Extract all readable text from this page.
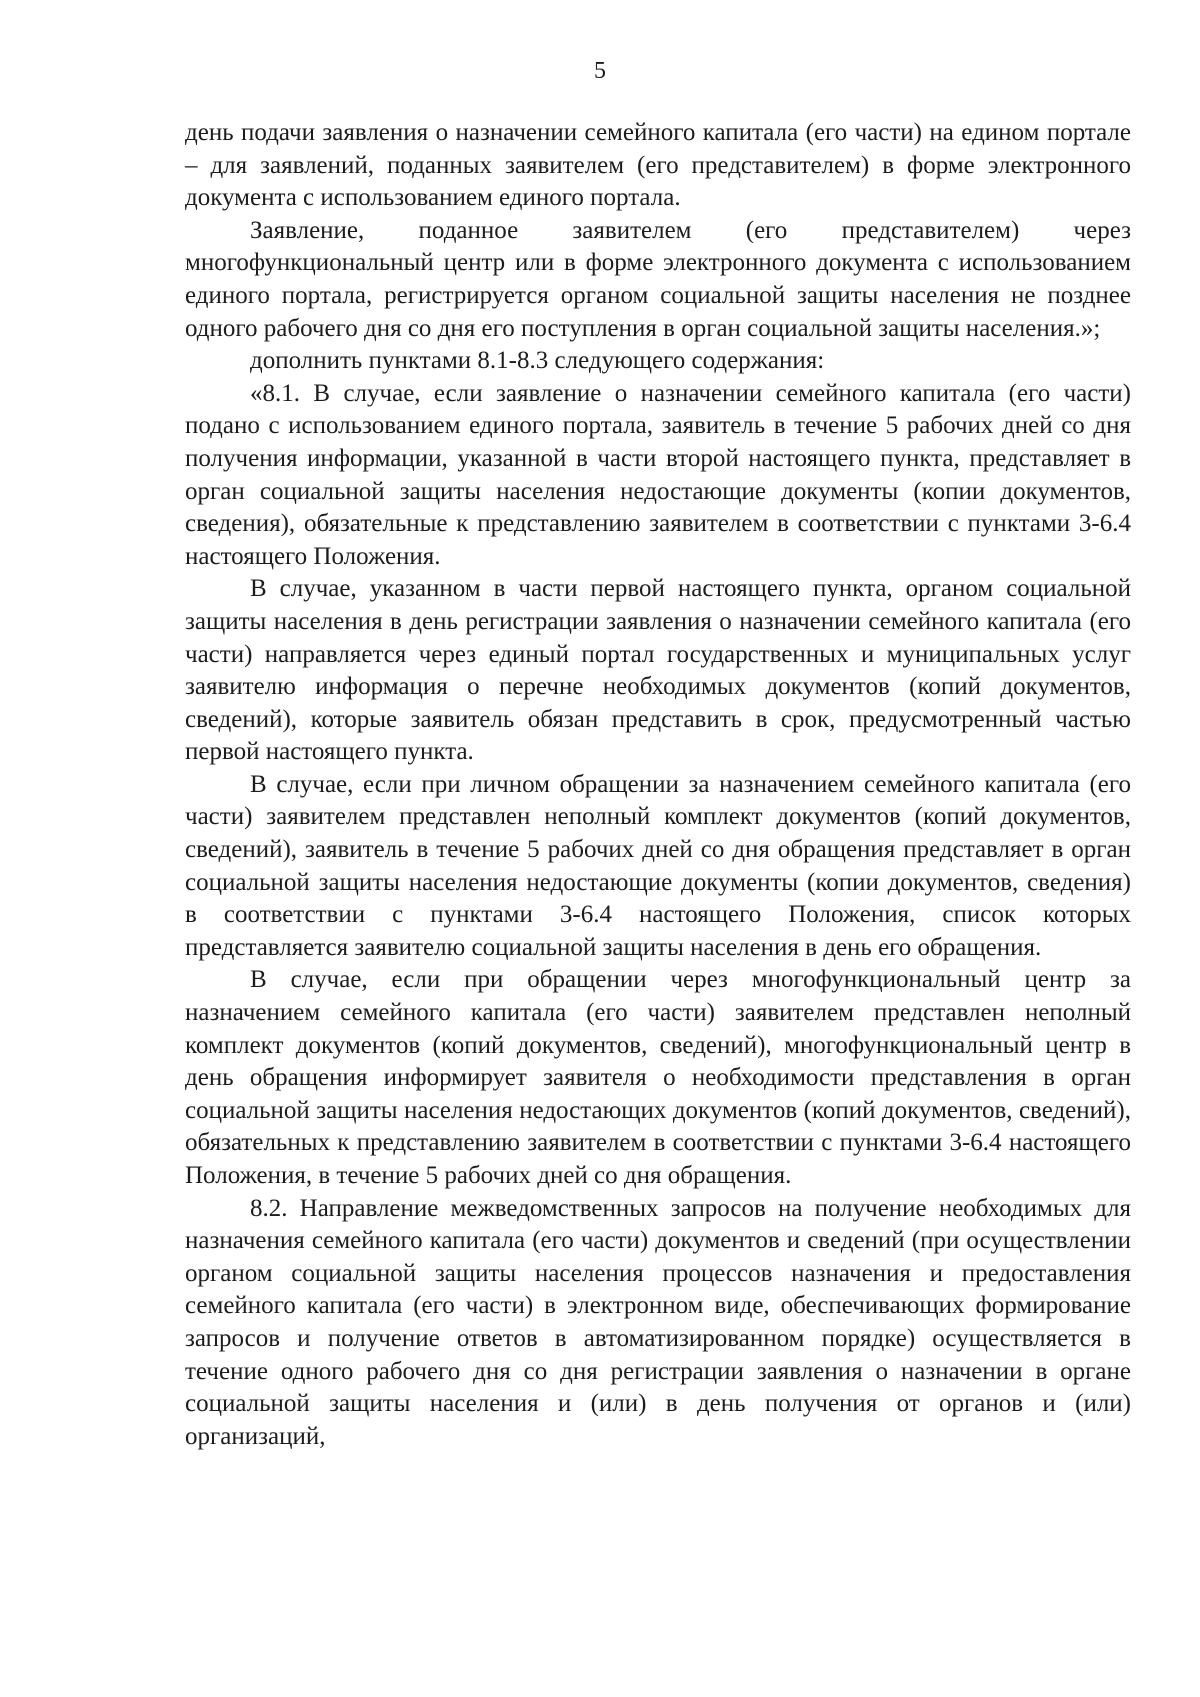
5

день подачи заявления о назначении семейного капитала (его части) на едином портале – для заявлений, поданных заявителем (его представителем) в форме электронного документа с использованием единого портала.

Заявление, поданное заявителем (его представителем) через многофункциональный центр или в форме электронного документа с использованием единого портала, регистрируется органом социальной защиты населения не позднее одного рабочего дня со дня его поступления в орган социальной защиты населения.»;

дополнить пунктами 8.1-8.3 следующего содержания:

«8.1. В случае, если заявление о назначении семейного капитала (его части) подано с использованием единого портала, заявитель в течение 5 рабочих дней со дня получения информации, указанной в части второй настоящего пункта, представляет в орган социальной защиты населения недостающие документы (копии документов, сведения), обязательные к представлению заявителем в соответствии с пунктами 3-6.4 настоящего Положения.

В случае, указанном в части первой настоящего пункта, органом социальной защиты населения в день регистрации заявления о назначении семейного капитала (его части) направляется через единый портал государственных и муниципальных услуг заявителю информация о перечне необходимых документов (копий документов, сведений), которые заявитель обязан представить в срок, предусмотренный частью первой настоящего пункта.

В случае, если при личном обращении за назначением семейного капитала (его части) заявителем представлен неполный комплект документов (копий документов, сведений), заявитель в течение 5 рабочих дней со дня обращения представляет в орган социальной защиты населения недостающие документы (копии документов, сведения) в соответствии с пунктами 3-6.4 настоящего Положения, список которых представляется заявителю социальной защиты населения в день его обращения.

В случае, если при обращении через многофункциональный центр за назначением семейного капитала (его части) заявителем представлен неполный комплект документов (копий документов, сведений), многофункциональный центр в день обращения информирует заявителя о необходимости представления в орган социальной защиты населения недостающих документов (копий документов, сведений), обязательных к представлению заявителем в соответствии с пунктами 3-6.4 настоящего Положения, в течение 5 рабочих дней со дня обращения.

8.2. Направление межведомственных запросов на получение необходимых для назначения семейного капитала (его части) документов и сведений (при осуществлении органом социальной защиты населения процессов назначения и предоставления семейного капитала (его части) в электронном виде, обеспечивающих формирование запросов и получение ответов в автоматизированном порядке) осуществляется в течение одного рабочего дня со дня регистрации заявления о назначении в органе социальной защиты населения и (или) в день получения от органов и (или) организаций,
